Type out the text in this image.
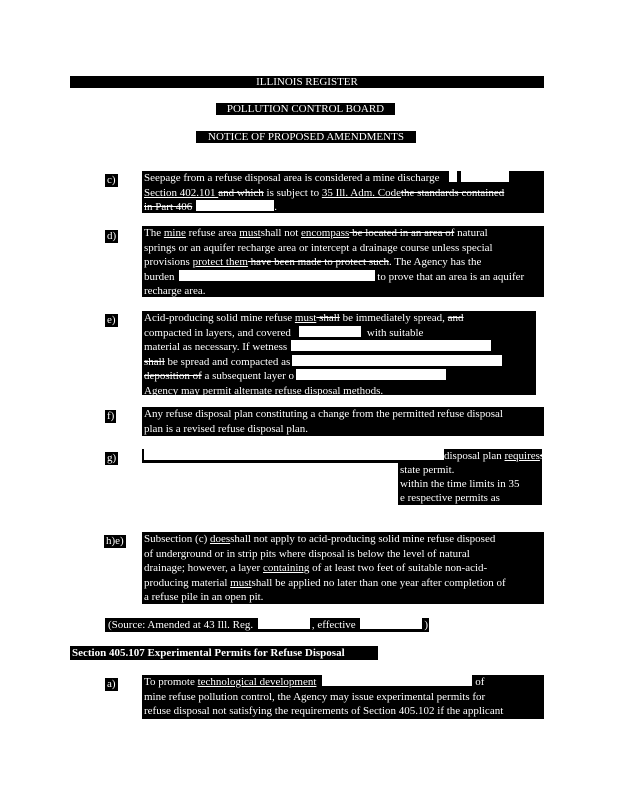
ILLINOIS REGISTER
POLLUTION CONTROL BOARD
NOTICE OF PROPOSED AMENDMENTS
c)	Seepage from a refuse disposal area is considered a mine discharge
Section 402.101 and which is subject to 35 Ill. Adm. Codethe standards contained
in Part 406	.
d)	The mine refuse area mustshall not encompass be located in an area of natural
springs or an aquifer recharge area or intercept a drainage course unless special
provisions protect them have been made to protect such. The Agency has the
burden	to prove that an area is an aquifer
recharge area.
e)	Acid-producing solid mine refuse must shall be immediately spread, and
compacted in layers, and covered	with suitable
material as necessary. If wetness
shall be spread and compacted as
deposition of a subsequent layer o
Agency may permit alternate refuse disposal methods.
f)	Any refuse disposal plan constituting a change from the permitted refuse disposal
plan is a revised refuse disposal plan.
g)	disposal plan requiresshall
state permit.
within the time limits in 35
e respective permits as
h)e) Subsection (c) doesshall not apply to acid-producing solid mine refuse disposed
of underground or in strip pits where disposal is below the level of natural
drainage; however, a layer containing of at least two feet of suitable non-acid-
producing material mustshall be applied no later than one year after completion of
a refuse pile in an open pit.
(Source: Amended at 43 Ill. Reg.	, effective	)
Section 405.107 Experimental Permits for Refuse Disposal
a)	To promote technological development	of
mine refuse pollution control, the Agency may issue experimental permits for
refuse disposal not satisfying the requirements of Section 405.102 if the applicant
